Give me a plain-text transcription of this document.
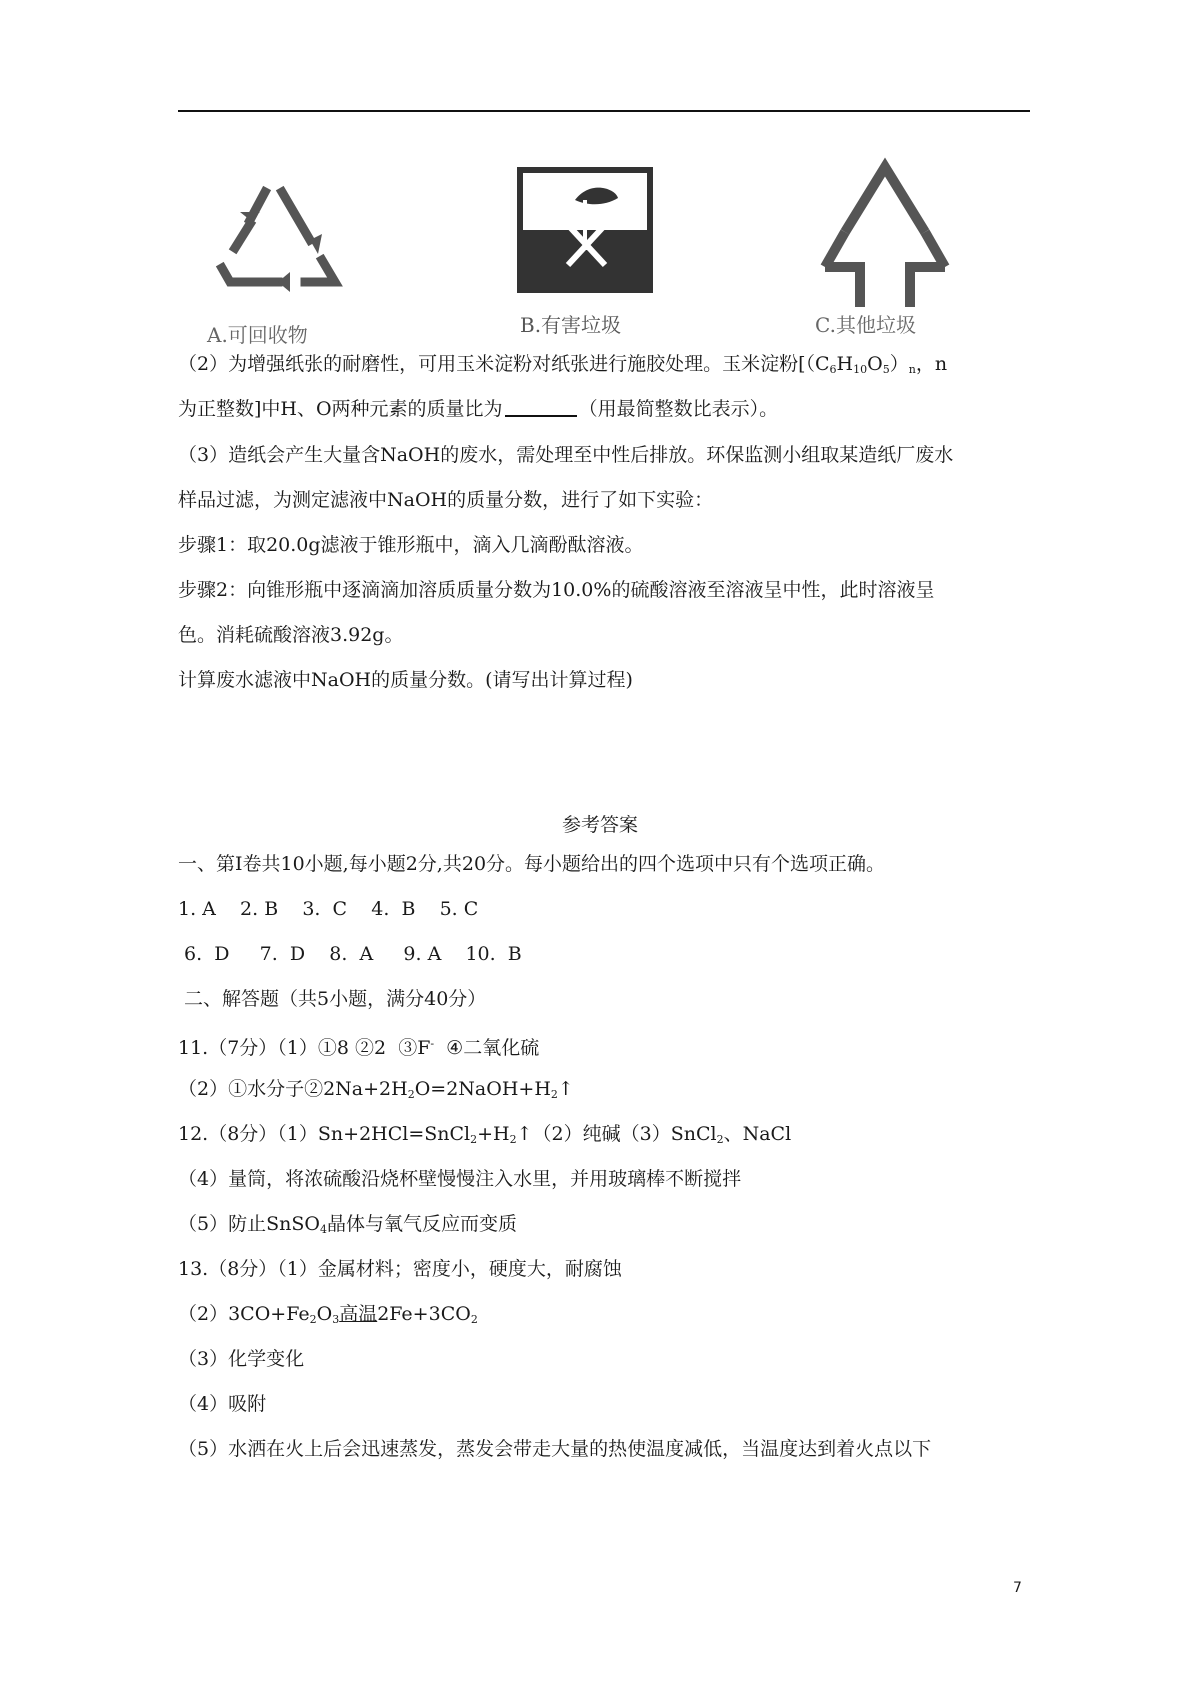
A.可回收物	B.有害垃圾	C.其他垃圾
（2）为增强纸张的耐磨性，可用玉米淀粉对纸张进行施胶处理。玉米淀粉[$(C_6H_{10}O_5)_n$，n
为正整数]中H、O两种元素的质量比为	（用最简整数比表示）。
（3）造纸会产生大量含NaOH的废水，需处理至中性后排放。环保监测小组取某造纸厂废水
样品过滤，为测定滤液中NaOH的质量分数，进行了如下实验：
步骤1：取20.0g滤液于锥形瓶中，滴入几滴酚酞溶液。
步骤2：向锥形瓶中逐滴滴加溶质质量分数为10.0%的硫酸溶液至溶液呈中性，此时溶液呈
色。消耗硫酸溶液3.92g。
计算废水滤液中NaOH的质量分数。(请写出计算过程)
参考答案
一、第Ⅰ卷共10小题,每小题2分,共20分。每小题给出的四个选项中只有个选项正确。
1. A    2. B    3.  C    4.  B    5. C
6.  D     7.  D    8.  A     9. A    10.  B
二、解答题（共5小题，满分40分）
11.（7分）（1）①8 ②2  ③F-  ④二氧化硫
（2）①水分子$②2Na+2H_2O=2NaOH+H_2↑$
12.（8分）$(1)Sn+2HCl=SnCl_2+H_2↑(2)$纯碱（3）SnCl$_2$、NaCl
（4）量筒，将浓硫酸沿烧杯壁慢慢注入水里，并用玻璃棒不断搅拌
（5）防止SnSO$_4$晶体与氧气反应而变质
13.（8分）（1）金属材料；密度小，硬度大，耐腐蚀
$(2)3CO+Fe_2O_3$高温$2Fe+3CO_2$
（3）化学变化
（4）吸附
（5）水洒在火上后会迅速蒸发，蒸发会带走大量的热使温度减低，当温度达到着火点以下
7
